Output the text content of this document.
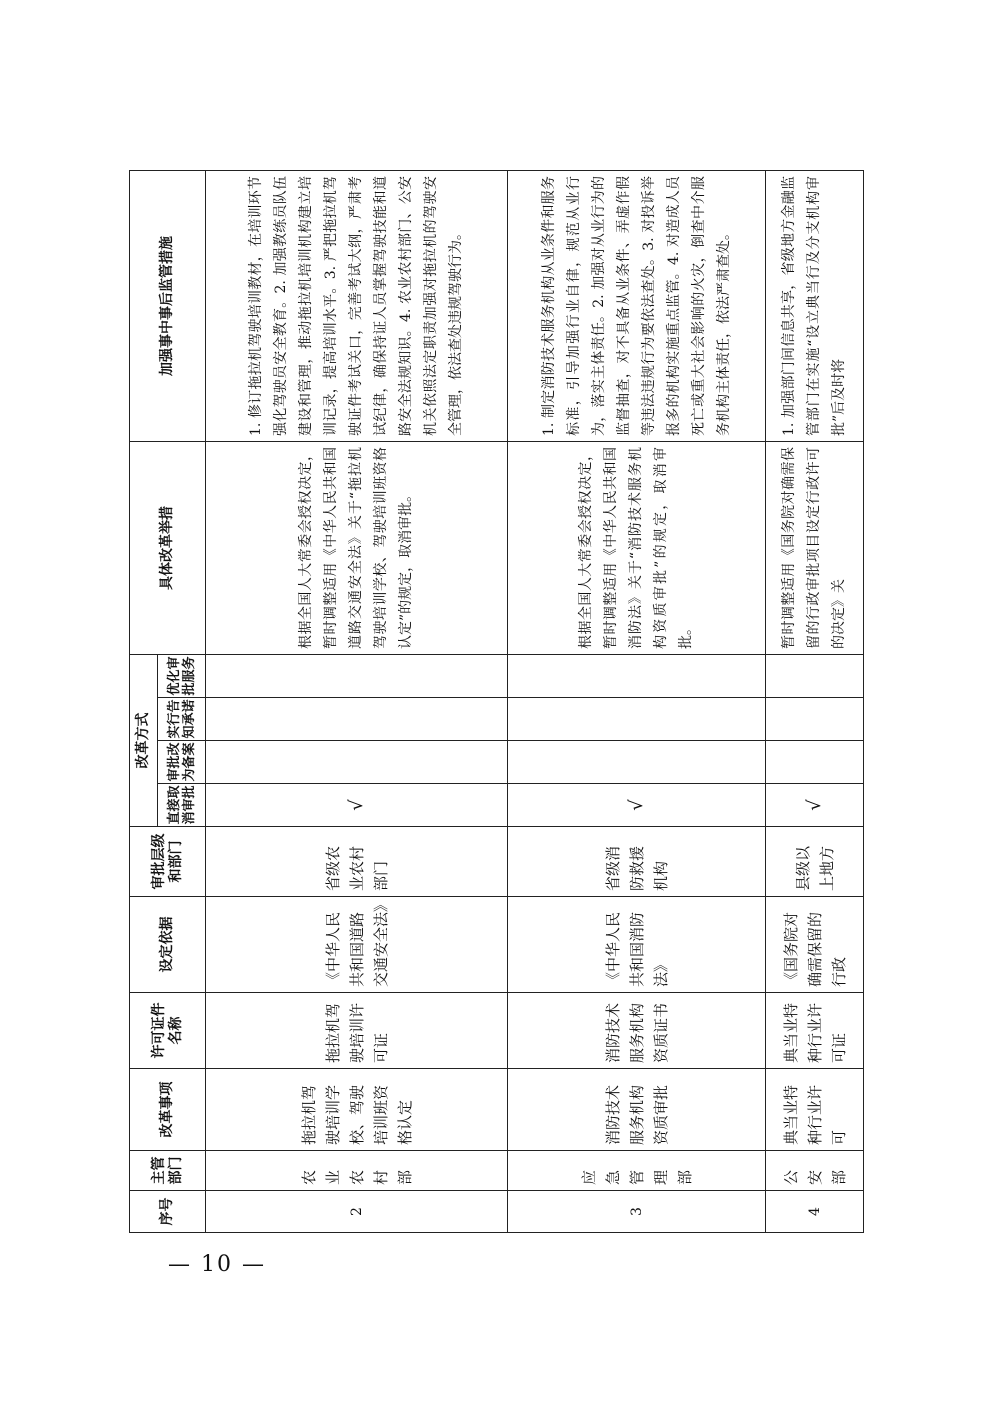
序号	主管部门	改革事项	许可证件名称	设定依据	审批层级和部门	改革方式				具体改革举措	加强事中事后监管措施
						直接取消审批	审批改为备案	实行告知承诺	优化审批服务		
2	农业农村部	拖拉机驾驶培训学校、驾驶培训班资格认定	拖拉机驾驶培训许可证	《中华人民共和国道路交通安全法》	省级农业农村部门	√				根据全国人大常委会授权决定，暂时调整适用《中华人民共和国道路交通安全法》关于“拖拉机驾驶培训学校、驾驶培训班资格认定”的规定，取消审批。	1. 修订拖拉机驾驶培训教材，在培训环节强化驾驶员安全教育。2. 加强教练员队伍建设和管理，推动拖拉机培训机构建立培训记录，提高培训水平。3. 严把拖拉机驾驶证件考试关口，完善考试大纲，严肃考试纪律，确保持证人员掌握驾驶技能和道路安全法规知识。4. 农业农村部门、公安机关依照法定职责加强对拖拉机的驾驶安全管理，依法查处违规驾驶行为。
3	应急管理部	消防技术服务机构资质审批	消防技术服务机构资质证书	《中华人民共和国消防法》	省级消防救援机构	√				根据全国人大常委会授权决定，暂时调整适用《中华人民共和国消防法》关于“消防技术服务机构资质审批”的规定，取消审批。	1. 制定消防技术服务机构从业条件和服务标准，引导加强行业自律，规范从业行为，落实主体责任。2. 加强对从业行为的监督抽查，对不具备从业条件、弄虚作假等违法违规行为要依法查处。3. 对投诉举报多的机构实施重点监管。4. 对造成人员死亡或重大社会影响的火灾，倒查中介服务机构主体责任，依法严肃查处。
4	公安部	典当业特种行业许可	典当业特种行业许可证	《国务院对确需保留的行政	县级以上地方	√				暂时调整适用《国务院对确需保留的行政审批项目设定行政许可的决定》关	1. 加强部门间信息共享，省级地方金融监管部门在实施“设立典当行及分支机构审批”后及时将
— 10 —
